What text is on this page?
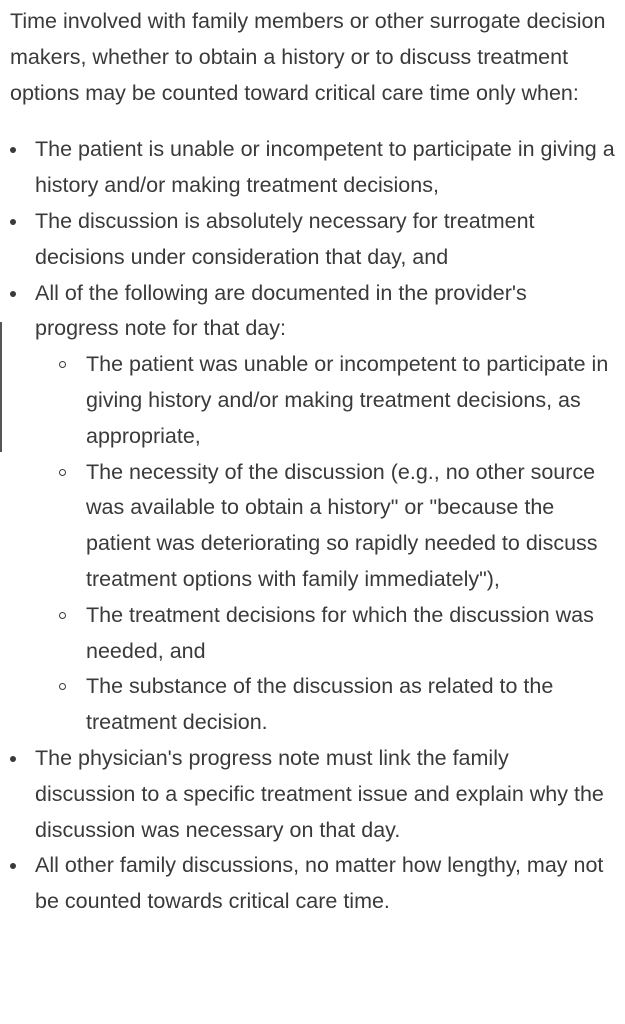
Time involved with family members or other surrogate decision makers, whether to obtain a history or to discuss treatment options may be counted toward critical care time only when:

The patient is unable or incompetent to participate in giving a history and/or making treatment decisions,
The discussion is absolutely necessary for treatment decisions under consideration that day, and
All of the following are documented in the provider's progress note for that day:
The patient was unable or incompetent to participate in giving history and/or making treatment decisions, as appropriate,
The necessity of the discussion (e.g., no other source was available to obtain a history" or "because the patient was deteriorating so rapidly needed to discuss treatment options with family immediately"),
The treatment decisions for which the discussion was needed, and
The substance of the discussion as related to the treatment decision.
The physician's progress note must link the family discussion to a specific treatment issue and explain why the discussion was necessary on that day.
All other family discussions, no matter how lengthy, may not be counted towards critical care time.
